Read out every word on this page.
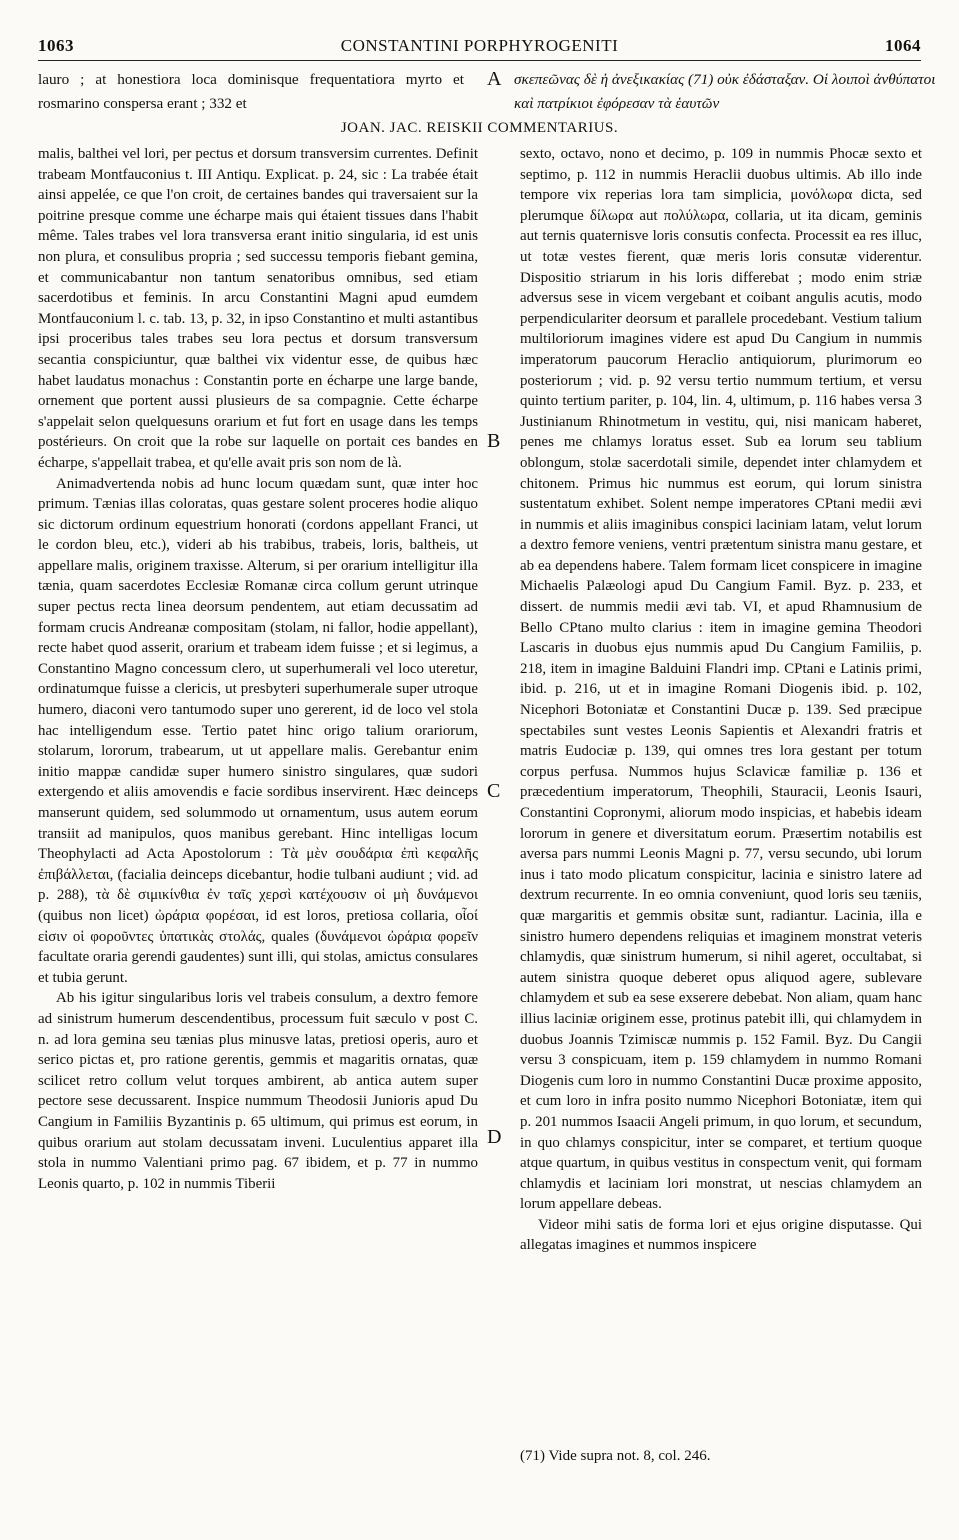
1063	CONSTANTINI PORPHYROGENITI	1064
lauro ; at honestiora loca dominisque frequentatiora myrto et rosmarino conspersa erant ; 332 et
σκεπεῶνας δὲ ἡ ἀνεξικακίας (71) οὐκ ἐδάσταξαν. Οἱ λοιποὶ ἀνθύπατοι καὶ πατρίκιοι ἐφόρεσαν τὰ ἑαυτῶν
A
JOAN. JAC. REISKII COMMENTARIUS.

malis, balthei vel lori, per pectus et dorsum transversim currentes. Definit trabeam Montfauconius t. III Antiqu. Explicat. p. 24, sic : La trabée était ainsi appelée, ce que l'on croit, de certaines bandes qui traversaient sur la poitrine presque comme une écharpe mais qui étaient tissues dans l'habit même. Tales trabes vel lora transversa erant initio singularia, id est unis non plura, et consulibus propria ; sed successu temporis fiebant gemina, et communicabantur non tantum senatoribus omnibus, sed etiam sacerdotibus et feminis. In arcu Constantini Magni apud eumdem Montfauconium l. c. tab. 13, p. 32, in ipso Constantino et multi astantibus ipsi proceribus tales trabes seu lora pectus et dorsum transversum secantia conspiciuntur, quæ balthei vix videntur esse, de quibus hæc habet laudatus monachus : Constantin porte en écharpe une large bande, ornement que portent aussi plusieurs de sa compagnie. Cette écharpe s'appelait selon quelquesuns orarium et fut fort en usage dans les temps postérieurs. On croit que la robe sur laquelle on portait ces bandes en écharpe, s'appellait trabea, et qu'elle avait pris son nom de là.

Animadvertenda nobis ad hunc locum quædam sunt, quæ inter hoc primum. Tænias illas coloratas, quas gestare solent proceres hodie aliquo sic dictorum ordinum equestrium honorati (cordons appellant Franci, ut le cordon bleu, etc.), videri ab his trabibus, trabeis, loris, baltheis, ut appellare malis, originem traxisse. Alterum, si per orarium intelligitur illa tænia, quam sacerdotes Ecclesiæ Romanæ circa collum gerunt utrinque super pectus recta linea deorsum pendentem, aut etiam decussatim ad formam crucis Andreanæ compositam (stolam, ni fallor, hodie appellant), recte habet quod asserit, orarium et trabeam idem fuisse ; et si legimus, a Constantino Magno concessum clero, ut superhumerali vel loco uteretur, ordinatumque fuisse a clericis, ut presbyteri superhumerale super utroque humero, diaconi vero tantumodo super uno gererent, id de loco vel stola hac intelligendum esse. Tertio patet hinc origo talium orariorum, stolarum, lororum, trabearum, ut ut appellare malis. Gerebantur enim initio mappæ candidæ super humero sinistro singulares, quæ sudori extergendo et aliis amovendis e facie sordibus inservirent. Hæc deinceps manserunt quidem, sed solummodo ut ornamentum, usus autem eorum transiit ad manipulos, quos manibus gerebant. Hinc intelligas locum Theophylacti ad Acta Apostolorum : Τὰ μὲν σουδάρια ἐπὶ κεφαλῆς ἐπιβάλλεται, (facialia deinceps dicebantur, hodie tulbani audiunt ; vid. ad p. 288), τὰ δὲ σιμικίνθια ἐν ταῖς χερσὶ κατέχουσιν οἱ μὴ δυνάμενοι (quibus non licet) ὠράρια φορέσαι, id est loros, pretiosa collaria, οἷοί εἰσιν οἱ φοροῦντες ὑπατικὰς στολάς, quales (δυνάμενοι ὠράρια φορεῖν facultate oraria gerendi gaudentes) sunt illi, qui stolas, amictus consulares et tubia gerunt.

Ab his igitur singularibus loris vel trabeis consulum, a dextro femore ad sinistrum humerum descendentibus, processum fuit sæculo v post C. n. ad lora gemina seu tænias plus minusve latas, pretiosi operis, auro et serico pictas et, pro ratione gerentis, gemmis et magaritis ornatas, quæ scilicet retro collum velut torques ambirent, ab antica autem super pectore sese decussarent. Inspice nummum Theodosii Junioris apud Du Cangium in Familiis Byzantinis p. 65 ultimum, qui primus est eorum, in quibus orarium aut stolam decussatam inveni. Luculentius apparet illa stola in nummo Valentiani primo pag. 67 ibidem, et p. 77 in nummo Leonis quarto, p. 102 in nummis Tiberii

B
C
D

sexto, octavo, nono et decimo, p. 109 in nummis Phocæ sexto et septimo, p. 112 in nummis Heraclii duobus ultimis. Ab illo inde tempore vix reperias lora tam simplicia, μονόλωρα dicta, sed plerumque δίλωρα aut πολύλωρα, collaria, ut ita dicam, geminis aut ternis quaternisve loris consutis confecta. Processit ea res illuc, ut totæ vestes fierent, quæ meris loris consutæ viderentur. Dispositio striarum in his loris differebat ; modo enim striæ adversus sese in vicem vergebant et coibant angulis acutis, modo perpendiculariter deorsum et parallele procedebant. Vestium talium multiloriorum imagines videre est apud Du Cangium in nummis imperatorum paucorum Heraclio antiquiorum, plurimorum eo posteriorum ; vid. p. 92 versu tertio nummum tertium, et versu quinto tertium pariter, p. 104, lin. 4, ultimum, p. 116 habes versa 3 Justinianum Rhinotmetum in vestitu, qui, nisi manicam haberet, penes me chlamys loratus esset. Sub ea lorum seu tablium oblongum, stolæ sacerdotali simile, dependet inter chlamydem et chitonem. Primus hic nummus est eorum, qui lorum sinistra sustentatum exhibet. Solent nempe imperatores CPtani medii ævi in nummis et aliis imaginibus conspici laciniam latam, velut lorum a dextro femore veniens, ventri prætentum sinistra manu gestare, et ab ea dependens habere. Talem formam licet conspicere in imagine Michaelis Palæologi apud Du Cangium Famil. Byz. p. 233, et dissert. de nummis medii ævi tab. VI, et apud Rhamnusium de Bello CPtano multo clarius : item in imagine gemina Theodori Lascaris in duobus ejus nummis apud Du Cangium Familiis, p. 218, item in imagine Balduini Flandri imp. CPtani e Latinis primi, ibid. p. 216, ut et in imagine Romani Diogenis ibid. p. 102, Nicephori Botoniatæ et Constantini Ducæ p. 139. Sed præcipue spectabiles sunt vestes Leonis Sapientis et Alexandri fratris et matris Eudociæ p. 139, qui omnes tres lora gestant per totum corpus perfusa. Nummos hujus Sclavicæ familiæ p. 136 et præcedentium imperatorum, Theophili, Stauracii, Leonis Isauri, Constantini Copronymi, aliorum modo inspicias, et habebis ideam lororum in genere et diversitatum eorum. Præsertim notabilis est aversa pars nummi Leonis Magni p. 77, versu secundo, ubi lorum inus i tato modo plicatum conspicitur, lacinia e sinistro latere ad dextrum recurrente. In eo omnia conveniunt, quod loris seu tæniis, quæ margaritis et gemmis obsitæ sunt, radiantur. Lacinia, illa e sinistro humero dependens reliquias et imaginem monstrat veteris chlamydis, quæ sinistrum humerum, si nihil ageret, occultabat, si autem sinistra quoque deberet opus aliquod agere, sublevare chlamydem et sub ea sese exserere debebat. Non aliam, quam hanc illius laciniæ originem esse, protinus patebit illi, qui chlamydem in duobus Joannis Tzimiscæ nummis p. 152 Famil. Byz. Du Cangii versu 3 conspicuam, item p. 159 chlamydem in nummo Romani Diogenis cum loro in nummo Constantini Ducæ proxime apposito, et cum loro in infra posito nummo Nicephori Botoniatæ, item qui p. 201 nummos Isaacii Angeli primum, in quo lorum, et secundum, in quo chlamys conspicitur, inter se comparet, et tertium quoque atque quartum, in quibus vestitus in conspectum venit, qui formam chlamydis et laciniam lori monstrat, ut nescias chlamydem an lorum appellare debeas.

Videor mihi satis de forma lori et ejus origine disputasse. Qui allegatas imagines et nummos inspicere

(71) Vide supra not. 8, col. 246.
